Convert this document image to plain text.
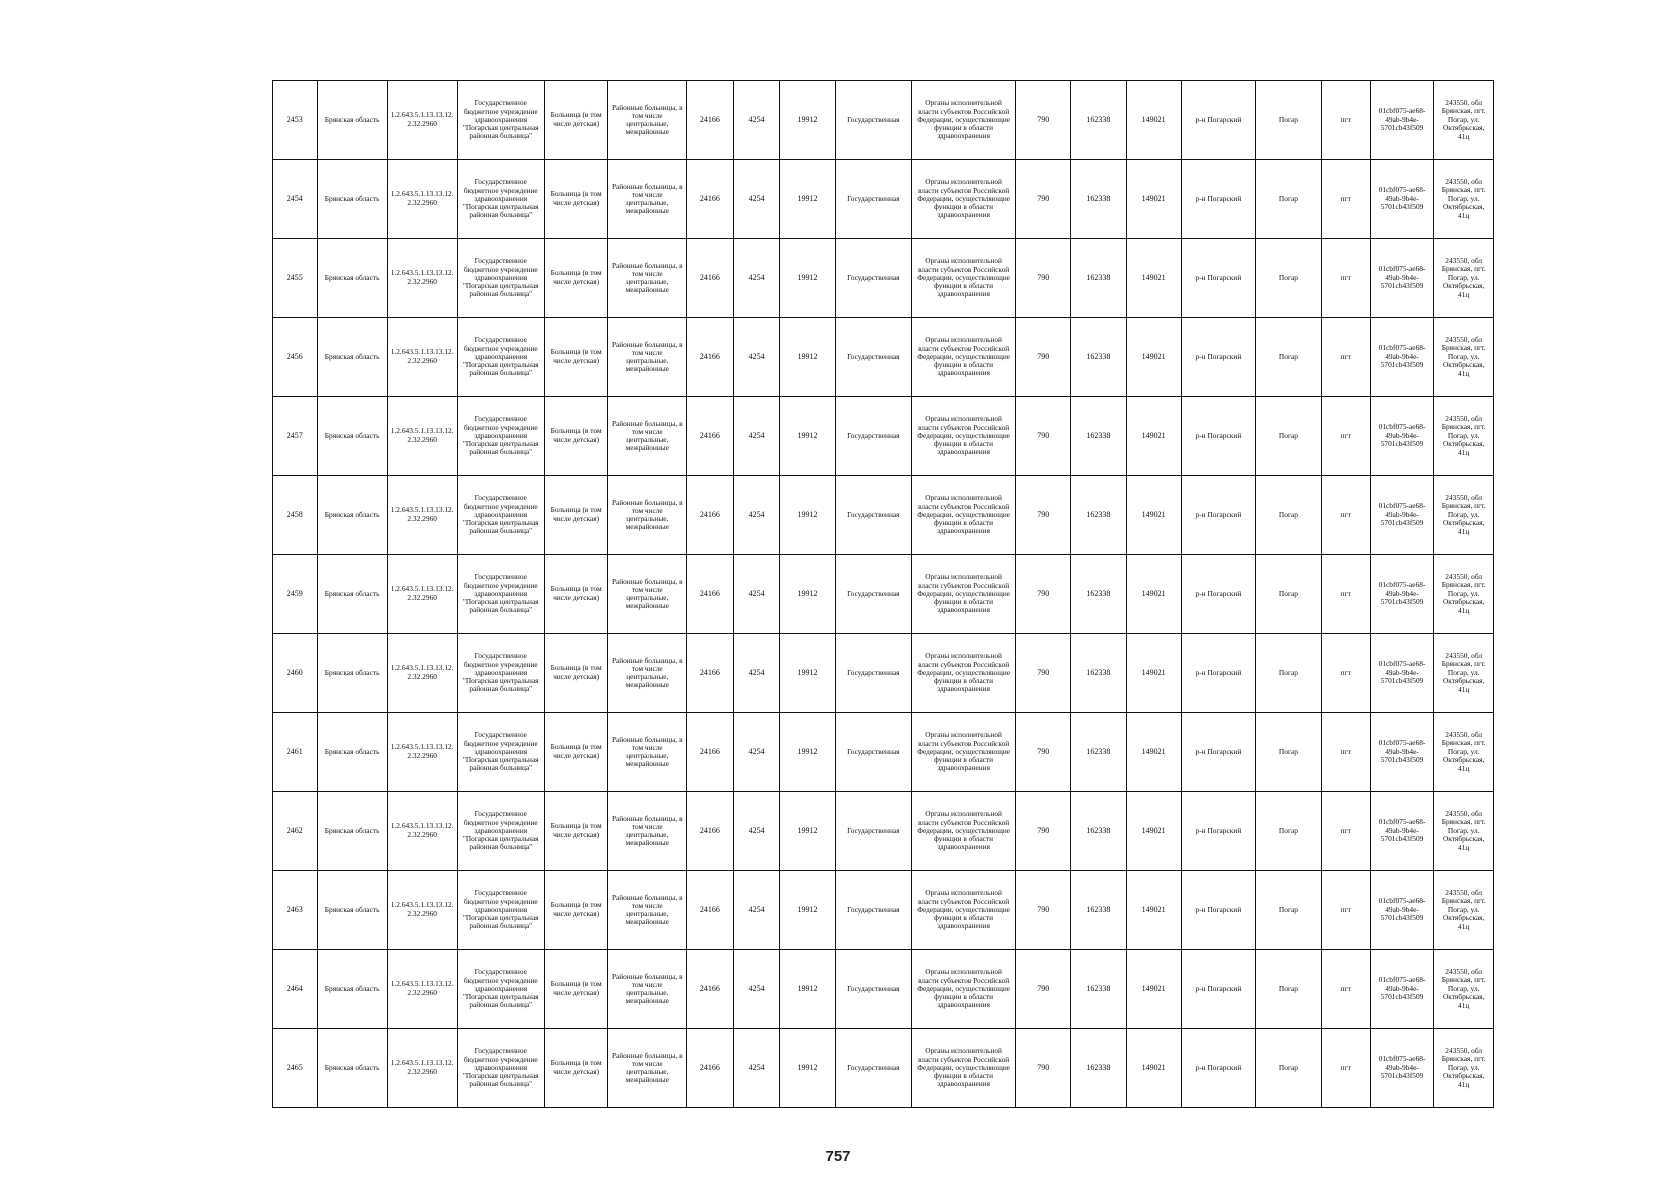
2453	Брянская область	1.2.643.5.1.13.13.12.2.32.2960	Государственное бюджетное учреждение здравоохранения "Погарская центральная районная больница"	Больница (в том числе детская)	Районные больницы, в том числе центральные, межрайонные	24166	4254	19912	Государственная	Органы исполнительной власти субъектов Российской Федерации, осуществляющие функции в области здравоохранения	790	162338	149021	р-н Погарский	Погар	пгт	01cbf075-ae68-49ab-9b4e-5701cb43f509	243550, обл Брянская, пгт. Погар, ул. Октябрьская, 41ц
2454	Брянская область	1.2.643.5.1.13.13.12.2.32.2960	Государственное бюджетное учреждение здравоохранения "Погарская центральная районная больница"	Больница (в том числе детская)	Районные больницы, в том числе центральные, межрайонные	24166	4254	19912	Государственная	Органы исполнительной власти субъектов Российской Федерации, осуществляющие функции в области здравоохранения	790	162338	149021	р-н Погарский	Погар	пгт	01cbf075-ae68-49ab-9b4e-5701cb43f509	243550, обл Брянская, пгт. Погар, ул. Октябрьская, 41ц
2455	Брянская область	1.2.643.5.1.13.13.12.2.32.2960	Государственное бюджетное учреждение здравоохранения "Погарская центральная районная больница"	Больница (в том числе детская)	Районные больницы, в том числе центральные, межрайонные	24166	4254	19912	Государственная	Органы исполнительной власти субъектов Российской Федерации, осуществляющие функции в области здравоохранения	790	162338	149021	р-н Погарский	Погар	пгт	01cbf075-ae68-49ab-9b4e-5701cb43f509	243550, обл Брянская, пгт. Погар, ул. Октябрьская, 41ц
2456	Брянская область	1.2.643.5.1.13.13.12.2.32.2960	Государственное бюджетное учреждение здравоохранения "Погарская центральная районная больница"	Больница (в том числе детская)	Районные больницы, в том числе центральные, межрайонные	24166	4254	19912	Государственная	Органы исполнительной власти субъектов Российской Федерации, осуществляющие функции в области здравоохранения	790	162338	149021	р-н Погарский	Погар	пгт	01cbf075-ae68-49ab-9b4e-5701cb43f509	243550, обл Брянская, пгт. Погар, ул. Октябрьская, 41ц
2457	Брянская область	1.2.643.5.1.13.13.12.2.32.2960	Государственное бюджетное учреждение здравоохранения "Погарская центральная районная больница"	Больница (в том числе детская)	Районные больницы, в том числе центральные, межрайонные	24166	4254	19912	Государственная	Органы исполнительной власти субъектов Российской Федерации, осуществляющие функции в области здравоохранения	790	162338	149021	р-н Погарский	Погар	пгт	01cbf075-ae68-49ab-9b4e-5701cb43f509	243550, обл Брянская, пгт. Погар, ул. Октябрьская, 41ц
2458	Брянская область	1.2.643.5.1.13.13.12.2.32.2960	Государственное бюджетное учреждение здравоохранения "Погарская центральная районная больница"	Больница (в том числе детская)	Районные больницы, в том числе центральные, межрайонные	24166	4254	19912	Государственная	Органы исполнительной власти субъектов Российской Федерации, осуществляющие функции в области здравоохранения	790	162338	149021	р-н Погарский	Погар	пгт	01cbf075-ae68-49ab-9b4e-5701cb43f509	243550, обл Брянская, пгт. Погар, ул. Октябрьская, 41ц
2459	Брянская область	1.2.643.5.1.13.13.12.2.32.2960	Государственное бюджетное учреждение здравоохранения "Погарская центральная районная больница"	Больница (в том числе детская)	Районные больницы, в том числе центральные, межрайонные	24166	4254	19912	Государственная	Органы исполнительной власти субъектов Российской Федерации, осуществляющие функции в области здравоохранения	790	162338	149021	р-н Погарский	Погар	пгт	01cbf075-ae68-49ab-9b4e-5701cb43f509	243550, обл Брянская, пгт. Погар, ул. Октябрьская, 41ц
2460	Брянская область	1.2.643.5.1.13.13.12.2.32.2960	Государственное бюджетное учреждение здравоохранения "Погарская центральная районная больница"	Больница (в том числе детская)	Районные больницы, в том числе центральные, межрайонные	24166	4254	19912	Государственная	Органы исполнительной власти субъектов Российской Федерации, осуществляющие функции в области здравоохранения	790	162338	149021	р-н Погарский	Погар	пгт	01cbf075-ae68-49ab-9b4e-5701cb43f509	243550, обл Брянская, пгт. Погар, ул. Октябрьская, 41ц
2461	Брянская область	1.2.643.5.1.13.13.12.2.32.2960	Государственное бюджетное учреждение здравоохранения "Погарская центральная районная больница"	Больница (в том числе детская)	Районные больницы, в том числе центральные, межрайонные	24166	4254	19912	Государственная	Органы исполнительной власти субъектов Российской Федерации, осуществляющие функции в области здравоохранения	790	162338	149021	р-н Погарский	Погар	пгт	01cbf075-ae68-49ab-9b4e-5701cb43f509	243550, обл Брянская, пгт. Погар, ул. Октябрьская, 41ц
2462	Брянская область	1.2.643.5.1.13.13.12.2.32.2960	Государственное бюджетное учреждение здравоохранения "Погарская центральная районная больница"	Больница (в том числе детская)	Районные больницы, в том числе центральные, межрайонные	24166	4254	19912	Государственная	Органы исполнительной власти субъектов Российской Федерации, осуществляющие функции в области здравоохранения	790	162338	149021	р-н Погарский	Погар	пгт	01cbf075-ae68-49ab-9b4e-5701cb43f509	243550, обл Брянская, пгт. Погар, ул. Октябрьская, 41ц
2463	Брянская область	1.2.643.5.1.13.13.12.2.32.2960	Государственное бюджетное учреждение здравоохранения "Погарская центральная районная больница"	Больница (в том числе детская)	Районные больницы, в том числе центральные, межрайонные	24166	4254	19912	Государственная	Органы исполнительной власти субъектов Российской Федерации, осуществляющие функции в области здравоохранения	790	162338	149021	р-н Погарский	Погар	пгт	01cbf075-ae68-49ab-9b4e-5701cb43f509	243550, обл Брянская, пгт. Погар, ул. Октябрьская, 41ц
2464	Брянская область	1.2.643.5.1.13.13.12.2.32.2960	Государственное бюджетное учреждение здравоохранения "Погарская центральная районная больница"	Больница (в том числе детская)	Районные больницы, в том числе центральные, межрайонные	24166	4254	19912	Государственная	Органы исполнительной власти субъектов Российской Федерации, осуществляющие функции в области здравоохранения	790	162338	149021	р-н Погарский	Погар	пгт	01cbf075-ae68-49ab-9b4e-5701cb43f509	243550, обл Брянская, пгт. Погар, ул. Октябрьская, 41ц
2465	Брянская область	1.2.643.5.1.13.13.12.2.32.2960	Государственное бюджетное учреждение здравоохранения "Погарская центральная районная больница"	Больница (в том числе детская)	Районные больницы, в том числе центральные, межрайонные	24166	4254	19912	Государственная	Органы исполнительной власти субъектов Российской Федерации, осуществляющие функции в области здравоохранения	790	162338	149021	р-н Погарский	Погар	пгт	01cbf075-ae68-49ab-9b4e-5701cb43f509	243550, обл Брянская, пгт. Погар, ул. Октябрьская, 41ц
757
